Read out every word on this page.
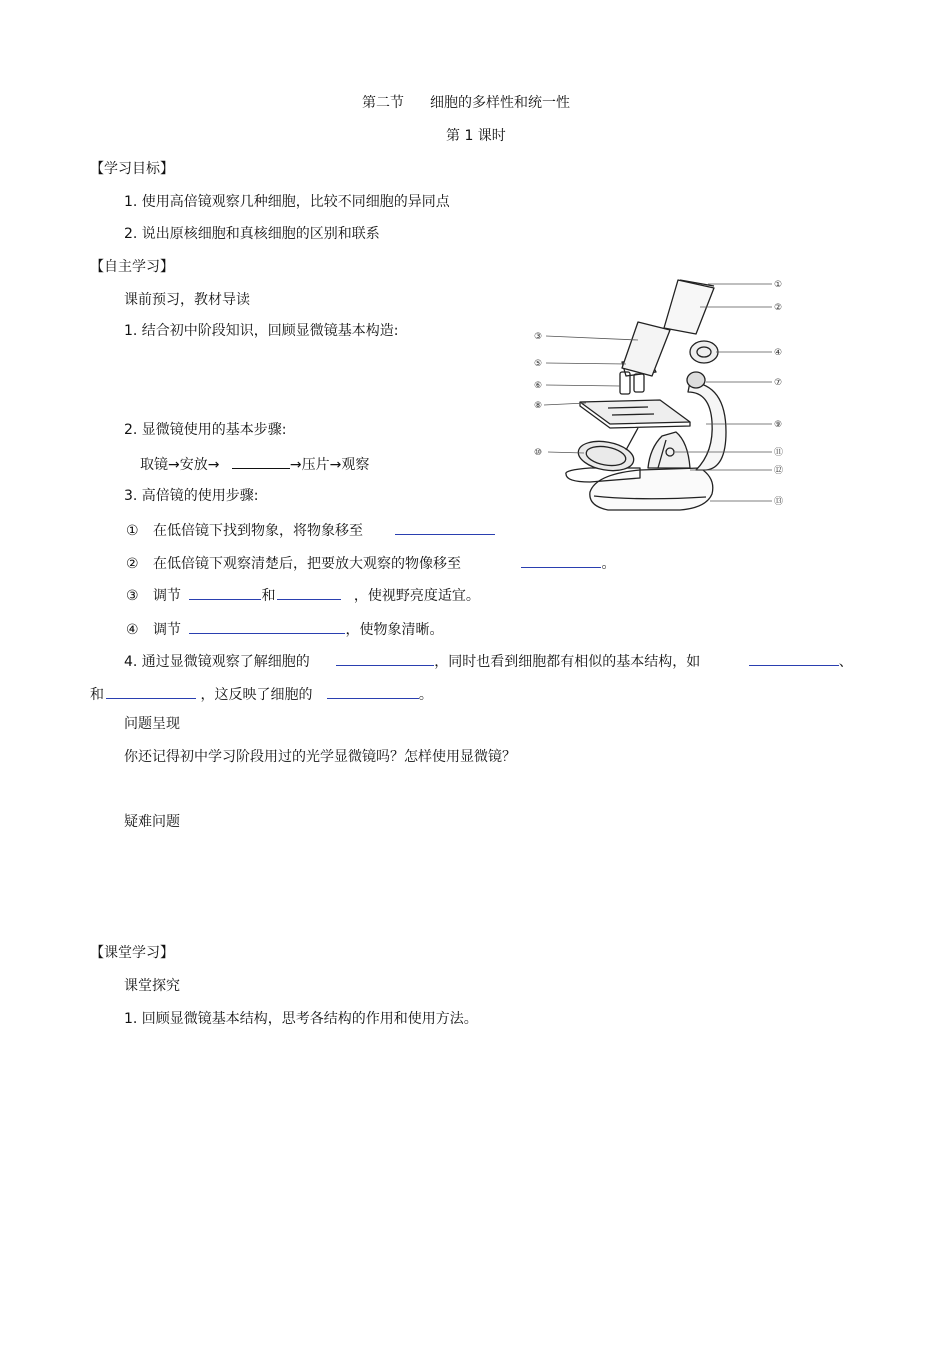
第二节 细胞的多样性和统一性
第 1 课时
【学习目标】
1. 使用高倍镜观察几种细胞，比较不同细胞的异同点
2. 说出原核细胞和真核细胞的区别和联系
【自主学习】
课前预习，教材导读
1. 结合初中阶段知识，回顾显微镜基本构造:
2. 显微镜使用的基本步骤:
取镜→安放→	→压片→观察
3. 高倍镜的使用步骤:
① 在低倍镜下找到物象，将物象移至
② 在低倍镜下观察清楚后，把要放大观察的物像移至	。
③ 调节	和	，使视野亮度适宜。
④ 调节	，使物象清晰。
4. 通过显微镜观察了解细胞的	，同时也看到细胞都有相似的基本结构，如	、
和	，这反映了细胞的	。
问题呈现
你还记得初中学习阶段用过的光学显微镜吗？怎样使用显微镜？
疑难问题
【课堂学习】
课堂探究
1. 回顾显微镜基本结构，思考各结构的作用和使用方法。
①
②
③
④
⑤
⑥	⑦
⑧
⑨
⑩	⑪
⑫
⑬
